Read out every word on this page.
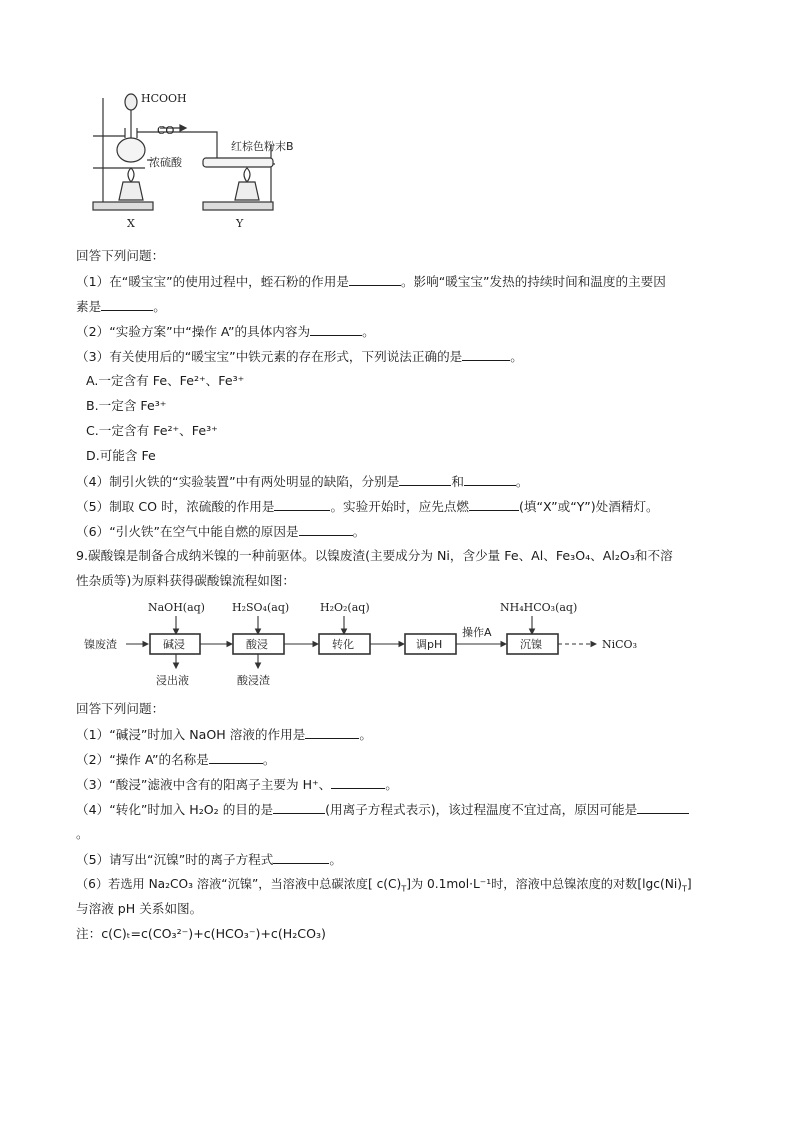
HCOOH
CO
浓硫酸
红棕色粉末B
X	Y
回答下列问题：
（1）在“暖宝宝”的使用过程中，蛭石粉的作用是	。影响“暖宝宝”发热的持续时间和温度的主要因
素是	。
（2）“实验方案”中“操作 A”的具体内容为	。
（3）有关使用后的“暖宝宝”中铁元素的存在形式，下列说法正确的是	。
A.一定含有 Fe、Fe²⁺、Fe³⁺
B.一定含 Fe³⁺
C.一定含有 Fe²⁺、Fe³⁺
D.可能含 Fe
（4）制引火铁的“实验装置”中有两处明显的缺陷，分别是	和	。
（5）制取 CO 时，浓硫酸的作用是	。实验开始时，应先点燃	(填“X”或“Y”)处酒精灯。
（6）“引火铁”在空气中能自燃的原因是	。
9.碳酸镍是制备合成纳米镍的一种前驱体。以镍废渣(主要成分为 Ni，含少量 Fe、Al、Fe₃O₄、Al₂O₃和不溶
性杂质等)为原料获得碳酸镍流程如图：
镍废渣	碱浸	酸浸	转化	调pH	沉镍	NiCO₃
NaOH(aq) H₂SO₄(aq)	H₂O₂(aq)	NH₄HCO₃(aq)
操作A
浸出液	酸浸渣
回答下列问题：
（1）“碱浸”时加入 NaOH 溶液的作用是	。
（2）“操作 A”的名称是	。
（3）“酸浸”滤液中含有的阳离子主要为 H⁺、	。
（4）“转化”时加入 H₂O₂ 的目的是	(用离子方程式表示)，该过程温度不宜过高，原因可能是
。
（5）请写出“沉镍”时的离子方程式	。
（6）若选用 Na₂CO₃ 溶液“沉镍”，当溶液中总碳浓度[ $c(C)_T$]为 0.1mol·L⁻¹时，溶液中总镍浓度的对数$[\lg c(Ni)_T]$
与溶液 pH 关系如图。
注：c(C)ₜ=c(CO₃²⁻)+c(HCO₃⁻)+c(H₂CO₃)
